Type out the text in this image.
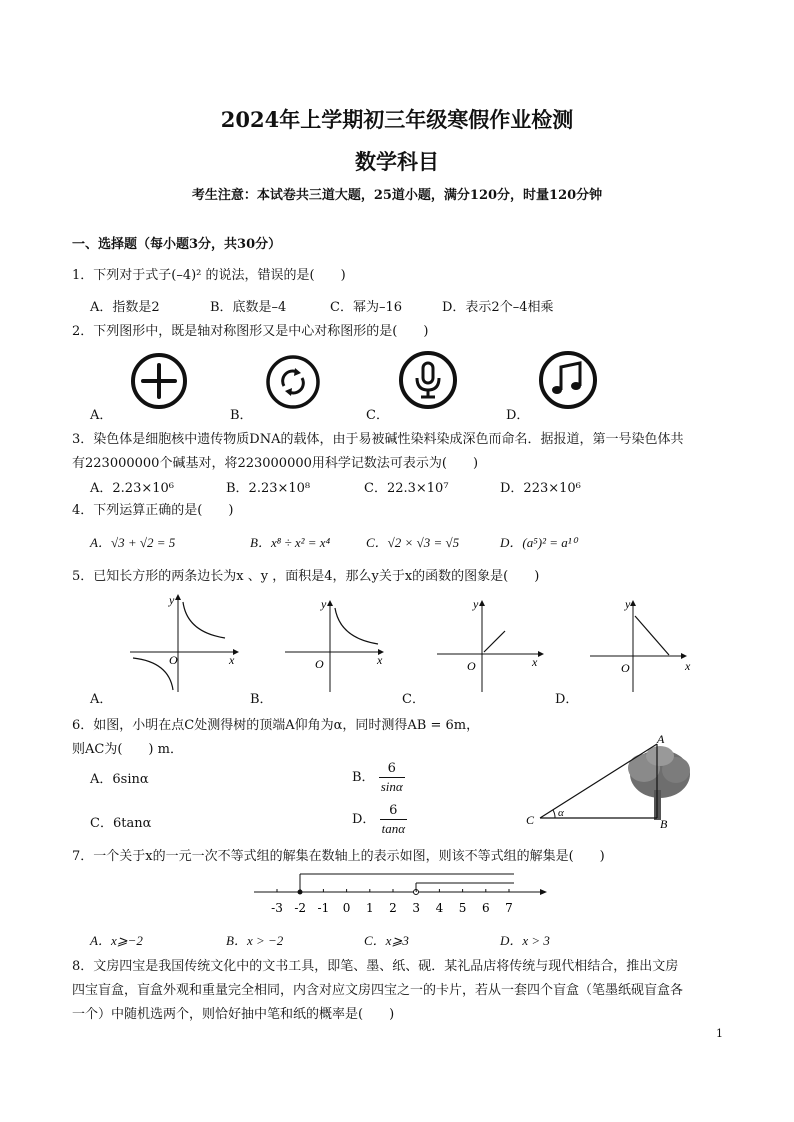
2024年上学期初三年级寒假作业检测
数学科目
考生注意：本试卷共三道大题，25道小题，满分120分，时量120分钟
一、选择题（每小题3分，共30分）
1．下列对于式子(–4)² 的说法，错误的是(　　)
A．指数是2	B．底数是–4	C．幂为–16	D．表示2个–4相乘
2．下列图形中，既是轴对称图形又是中心对称图形的是(　　)
A．	B．	C．	D．
3．染色体是细胞核中遗传物质DNA的载体，由于易被碱性染料染成深色而命名．据报道，第一号染色体共
有223000000个碱基对，将223000000用科学记数法可表示为(　　)
A．2.23×10⁶	B．2.23×10⁸	C．22.3×10⁷	D．223×10⁶
4．下列运算正确的是(　　)
A．√3 + √2 = 5	B．x⁸ ÷ x² = x⁴	C．√2 × √3 = √5	D．(a⁵)² = a¹⁰
5．已知长方形的两条边长为x 、y ，面积是4，那么y关于x的函数的图象是(　　)
O	x
y
A．
O	x
y
B．
O	x
y
C．
O	x
y
D．
6．如图，小明在点C处测得树的顶端A仰角为α，同时测得AB = 6m，
则AC为(　　) m．
A．6sinα	B． $\frac{6}{\sin\alpha}$
C．6tanα	D． $\frac{6}{\tan\alpha}$
A
B
C α
7．一个关于x的一元一次不等式组的解集在数轴上的表示如图，则该不等式组的解集是(　　)
-3 -2 -1 0 1 2 3 4 5 6 7
A．x⩾−2	B．x > −2	C．x⩾3	D．x > 3
8．文房四宝是我国传统文化中的文书工具，即笔、墨、纸、砚．某礼品店将传统与现代相结合，推出文房
四宝盲盒，盲盒外观和重量完全相同，内含对应文房四宝之一的卡片，若从一套四个盲盒（笔墨纸砚盲盒各
一个）中随机选两个，则恰好抽中笔和纸的概率是(　　)
1
